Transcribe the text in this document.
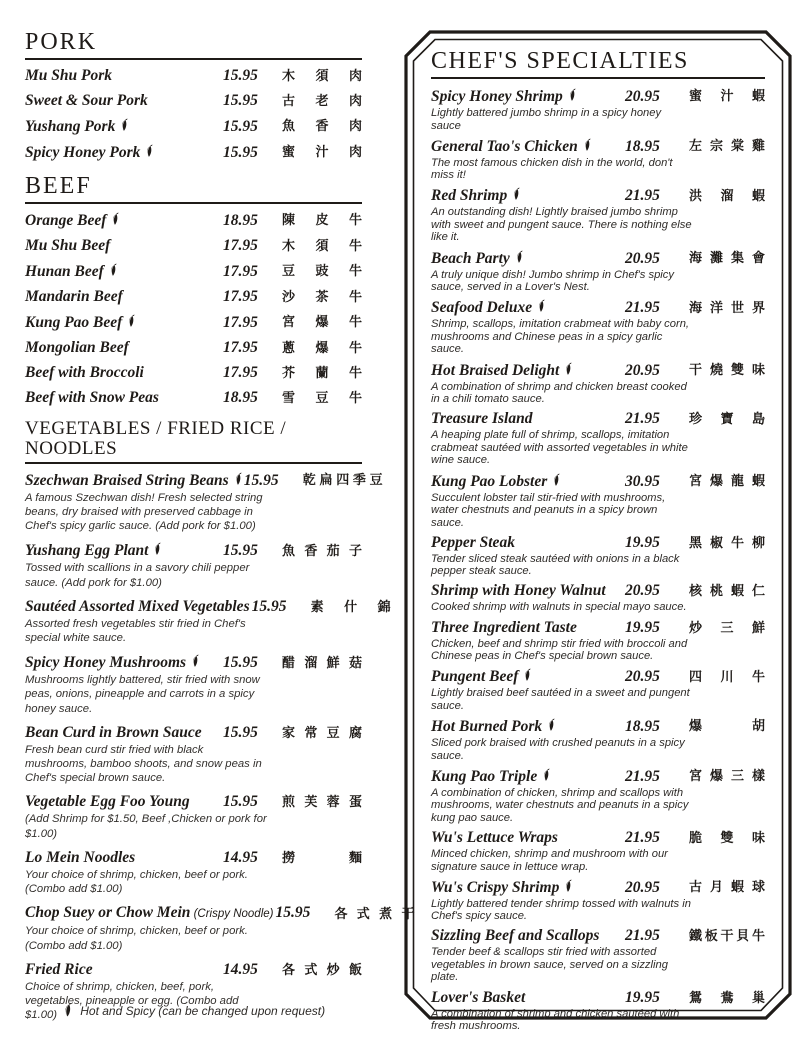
PORK
Mu Shu Pork	15.95	木 須 肉
Sweet & Sour Pork	15.95	古 老 肉
Yushang Pork	15.95	魚 香 肉
Spicy Honey Pork	15.95	蜜 汁 肉
BEEF
Orange Beef	18.95	陳 皮 牛
Mu Shu Beef	17.95	木 須 牛
Hunan Beef	17.95	豆 豉 牛
Mandarin Beef	17.95	沙 茶 牛
Kung Pao Beef	17.95	宮 爆 牛
Mongolian Beef	17.95	蔥 爆 牛
Beef with Broccoli	17.95	芥 蘭 牛
Beef with Snow Peas	18.95	雪 豆 牛
VEGETABLES / FRIED RICE / NOODLES
Szechwan Braised String Beans 15.95	乾 扁 四 季 豆

A famous Szechwan dish! Fresh selected string beans, dry braised with preserved cabbage in Chef's spicy garlic sauce. (Add pork for $1.00)

Yushang Egg Plant	15.95	魚 香 茄 子

Tossed with scallions in a savory chili pepper sauce. (Add pork for $1.00)

Sautéed Assorted Mixed Vegetables 15.95	素 什 錦

Assorted fresh vegetables stir fried in Chef's special white sauce.

Spicy Honey Mushrooms	15.95	醋 溜 鮮 菇

Mushrooms lightly battered, stir fried with snow peas, onions, pineapple and carrots in a spicy honey sauce.

Bean Curd in Brown Sauce	15.95	家 常 豆 腐

Fresh bean curd stir fried with black mushrooms, bamboo shoots, and snow peas in Chef's special brown sauce.

Vegetable Egg Foo Young	15.95	煎 芙 蓉 蛋

(Add Shrimp for $1.50, Beef ,Chicken or pork for $1.00)

Lo Mein Noodles	14.95	撈	麵

Your choice of shrimp, chicken, beef or pork. (Combo add $1.00)

Chop Suey or Chow Mein (Crispy Noodle) 15.95	各 式 煮 干

Your choice of shrimp, chicken, beef or pork. (Combo add $1.00)

Fried Rice	14.95	各 式 炒 飯

Choice of shrimp, chicken, beef, pork, vegetables, pineapple or egg. (Combo add $1.00)

CHEF'S SPECIALTIES
Spicy Honey Shrimp	20.95	蜜 汁 蝦

Lightly battered jumbo shrimp in a spicy honey sauce

General Tao's Chicken	18.95	左 宗 棠 雞

The most famous chicken dish in the world, don't miss it!

Red Shrimp	21.95	洪 溜 蝦

An outstanding dish! Lightly braised jumbo shrimp with sweet and pungent sauce. There is nothing else like it.

Beach Party	20.95	海 灘 集 會

A truly unique dish! Jumbo shrimp in Chef's spicy sauce, served in a Lover's Nest.

Seafood Deluxe	21.95	海 洋 世 界

Shrimp, scallops, imitation crabmeat with baby corn, mushrooms and Chinese peas in a spicy garlic sauce.

Hot Braised Delight	20.95	干 燒 雙 味

A combination of shrimp and chicken breast cooked in a chili tomato sauce.

Treasure Island	21.95	珍 寶 島

A heaping plate full of shrimp, scallops, imitation crabmeat sautéed with assorted vegetables in white wine sauce.

Kung Pao Lobster	30.95	宮 爆 龍 蝦

Succulent lobster tail stir-fried with mushrooms, water chestnuts and peanuts in a spicy brown sauce.

Pepper Steak	19.95	黑 椒 牛 柳

Tender sliced steak sautéed with onions in a black pepper steak sauce.

Shrimp with Honey Walnut	20.95	核 桃 蝦 仁

Cooked shrimp with walnuts in special mayo sauce.

Three Ingredient Taste	19.95	炒 三 鮮

Chicken, beef and shrimp stir fried with broccoli and Chinese peas in Chef's special brown sauce.

Pungent Beef	20.95	四 川 牛

Lightly braised beef sautéed in a sweet and pungent sauce.

Hot Burned Pork	18.95	爆	胡

Sliced pork braised with crushed peanuts in a spicy sauce.

Kung Pao Triple	21.95	宮 爆 三 樣

A combination of chicken, shrimp and scallops with mushrooms, water chestnuts and peanuts in a spicy kung pao sauce.

Wu's Lettuce Wraps	21.95	脆 雙 味

Minced chicken, shrimp and mushroom with our signature sauce in lettuce wrap.

Wu's Crispy Shrimp	20.95	古 月 蝦 球

Lightly battered tender shrimp tossed with walnuts in Chef's spicy sauce.

Sizzling Beef and Scallops	21.95	鐵 板 干 貝 牛

Tender beef & scallops stir fried with assorted vegetables in brown sauce, served on a sizzling plate.

Lover's Basket	19.95	鴛 鴦 巢

A combination of shrimp and chicken sautéed with fresh mushrooms.

Hot and Spicy (can be changed upon request)
